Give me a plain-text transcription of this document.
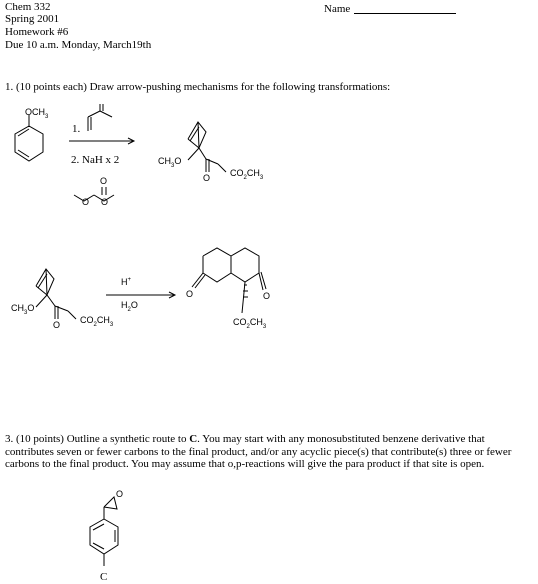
Chem 332
Spring 2001
Homework #6
Due 10 a.m. Monday, March19th
Name
1. (10 points each) Draw arrow-pushing mechanisms for the following transformations:
$OCH_3$
1.
2. NaH x 2
O
O O
$CH_3O$
O $CO_2CH_3$
$CH_3O$
O $CO_2CH_3$
H+
$H_2O$
O	O
$CO_2CH_3$
3. (10 points) Outline a synthetic route to C. You may start with any monosubstituted benzene derivative that contributes seven or fewer carbons to the final product, and/or any acyclic piece(s) that contribute(s) three or fewer carbons to the final product. You may assume that o,p-reactions will give the para product if that site is open.
O
C
